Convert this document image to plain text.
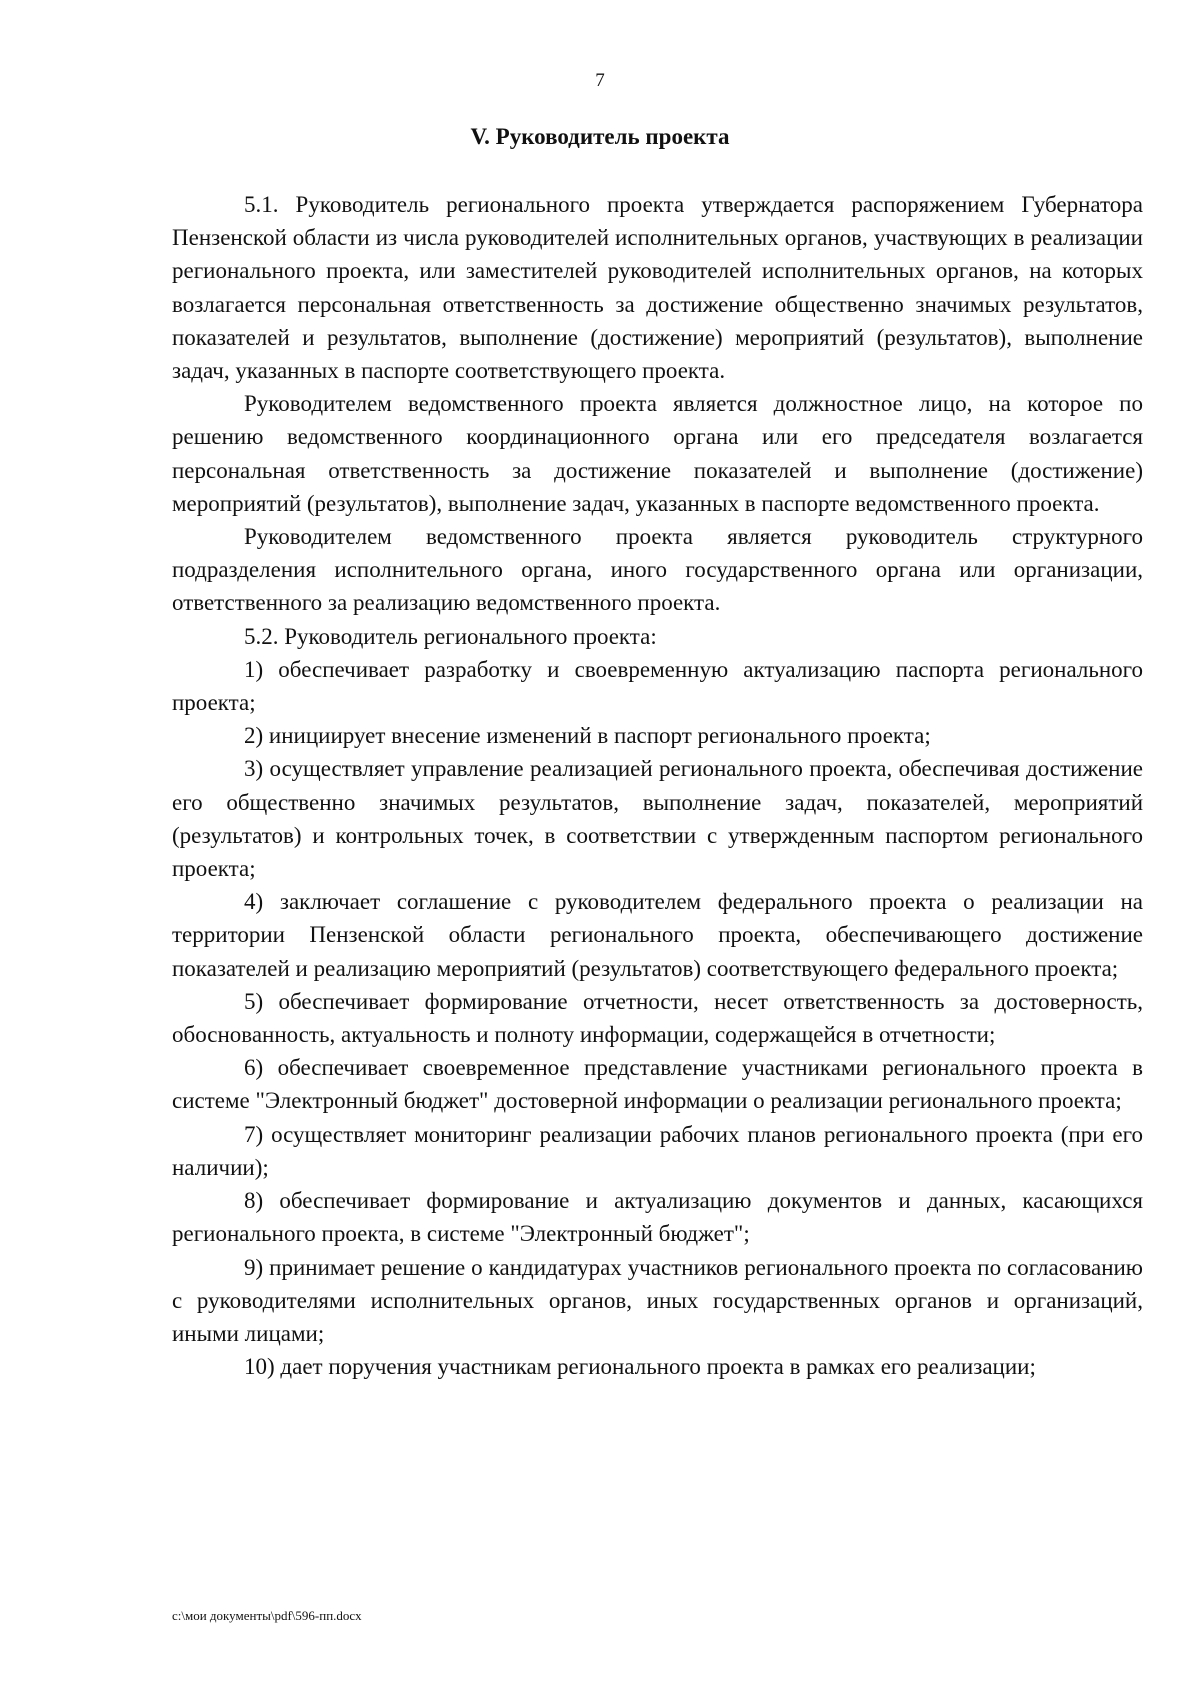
7
V. Руководитель проекта

5.1. Руководитель регионального проекта утверждается распоряжением Губернатора Пензенской области из числа руководителей исполнительных органов, участвующих в реализации регионального проекта, или заместителей руководителей исполнительных органов, на которых возлагается персональная ответственность за достижение общественно значимых результатов, показателей и результатов, выполнение (достижение) мероприятий (результатов), выполнение задач, указанных в паспорте соответствующего проекта.

Руководителем ведомственного проекта является должностное лицо, на которое по решению ведомственного координационного органа или его председателя возлагается персональная ответственность за достижение показателей и выполнение (достижение) мероприятий (результатов), выполнение задач, указанных в паспорте ведомственного проекта.

Руководителем ведомственного проекта является руководитель структурного подразделения исполнительного органа, иного государственного органа или организации, ответственного за реализацию ведомственного проекта.

5.2. Руководитель регионального проекта:

1) обеспечивает разработку и своевременную актуализацию паспорта регионального проекта;

2) инициирует внесение изменений в паспорт регионального проекта;

3) осуществляет управление реализацией регионального проекта, обеспечивая достижение его общественно значимых результатов, выполнение задач, показателей, мероприятий (результатов) и контрольных точек, в соответствии с утвержденным паспортом регионального проекта;

4) заключает соглашение с руководителем федерального проекта о реализации на территории Пензенской области регионального проекта, обеспечивающего достижение показателей и реализацию мероприятий (результатов) соответствующего федерального проекта;

5) обеспечивает формирование отчетности, несет ответственность за достоверность, обоснованность, актуальность и полноту информации, содержащейся в отчетности;

6) обеспечивает своевременное представление участниками регионального проекта в системе "Электронный бюджет" достоверной информации о реализации регионального проекта;

7) осуществляет мониторинг реализации рабочих планов регионального проекта (при его наличии);

8) обеспечивает формирование и актуализацию документов и данных, касающихся регионального проекта, в системе "Электронный бюджет";

9) принимает решение о кандидатурах участников регионального проекта по согласованию с руководителями исполнительных органов, иных государственных органов и организаций, иными лицами;

10) дает поручения участникам регионального проекта в рамках его реализации;

c:\мои документы\pdf\596-пп.docx
